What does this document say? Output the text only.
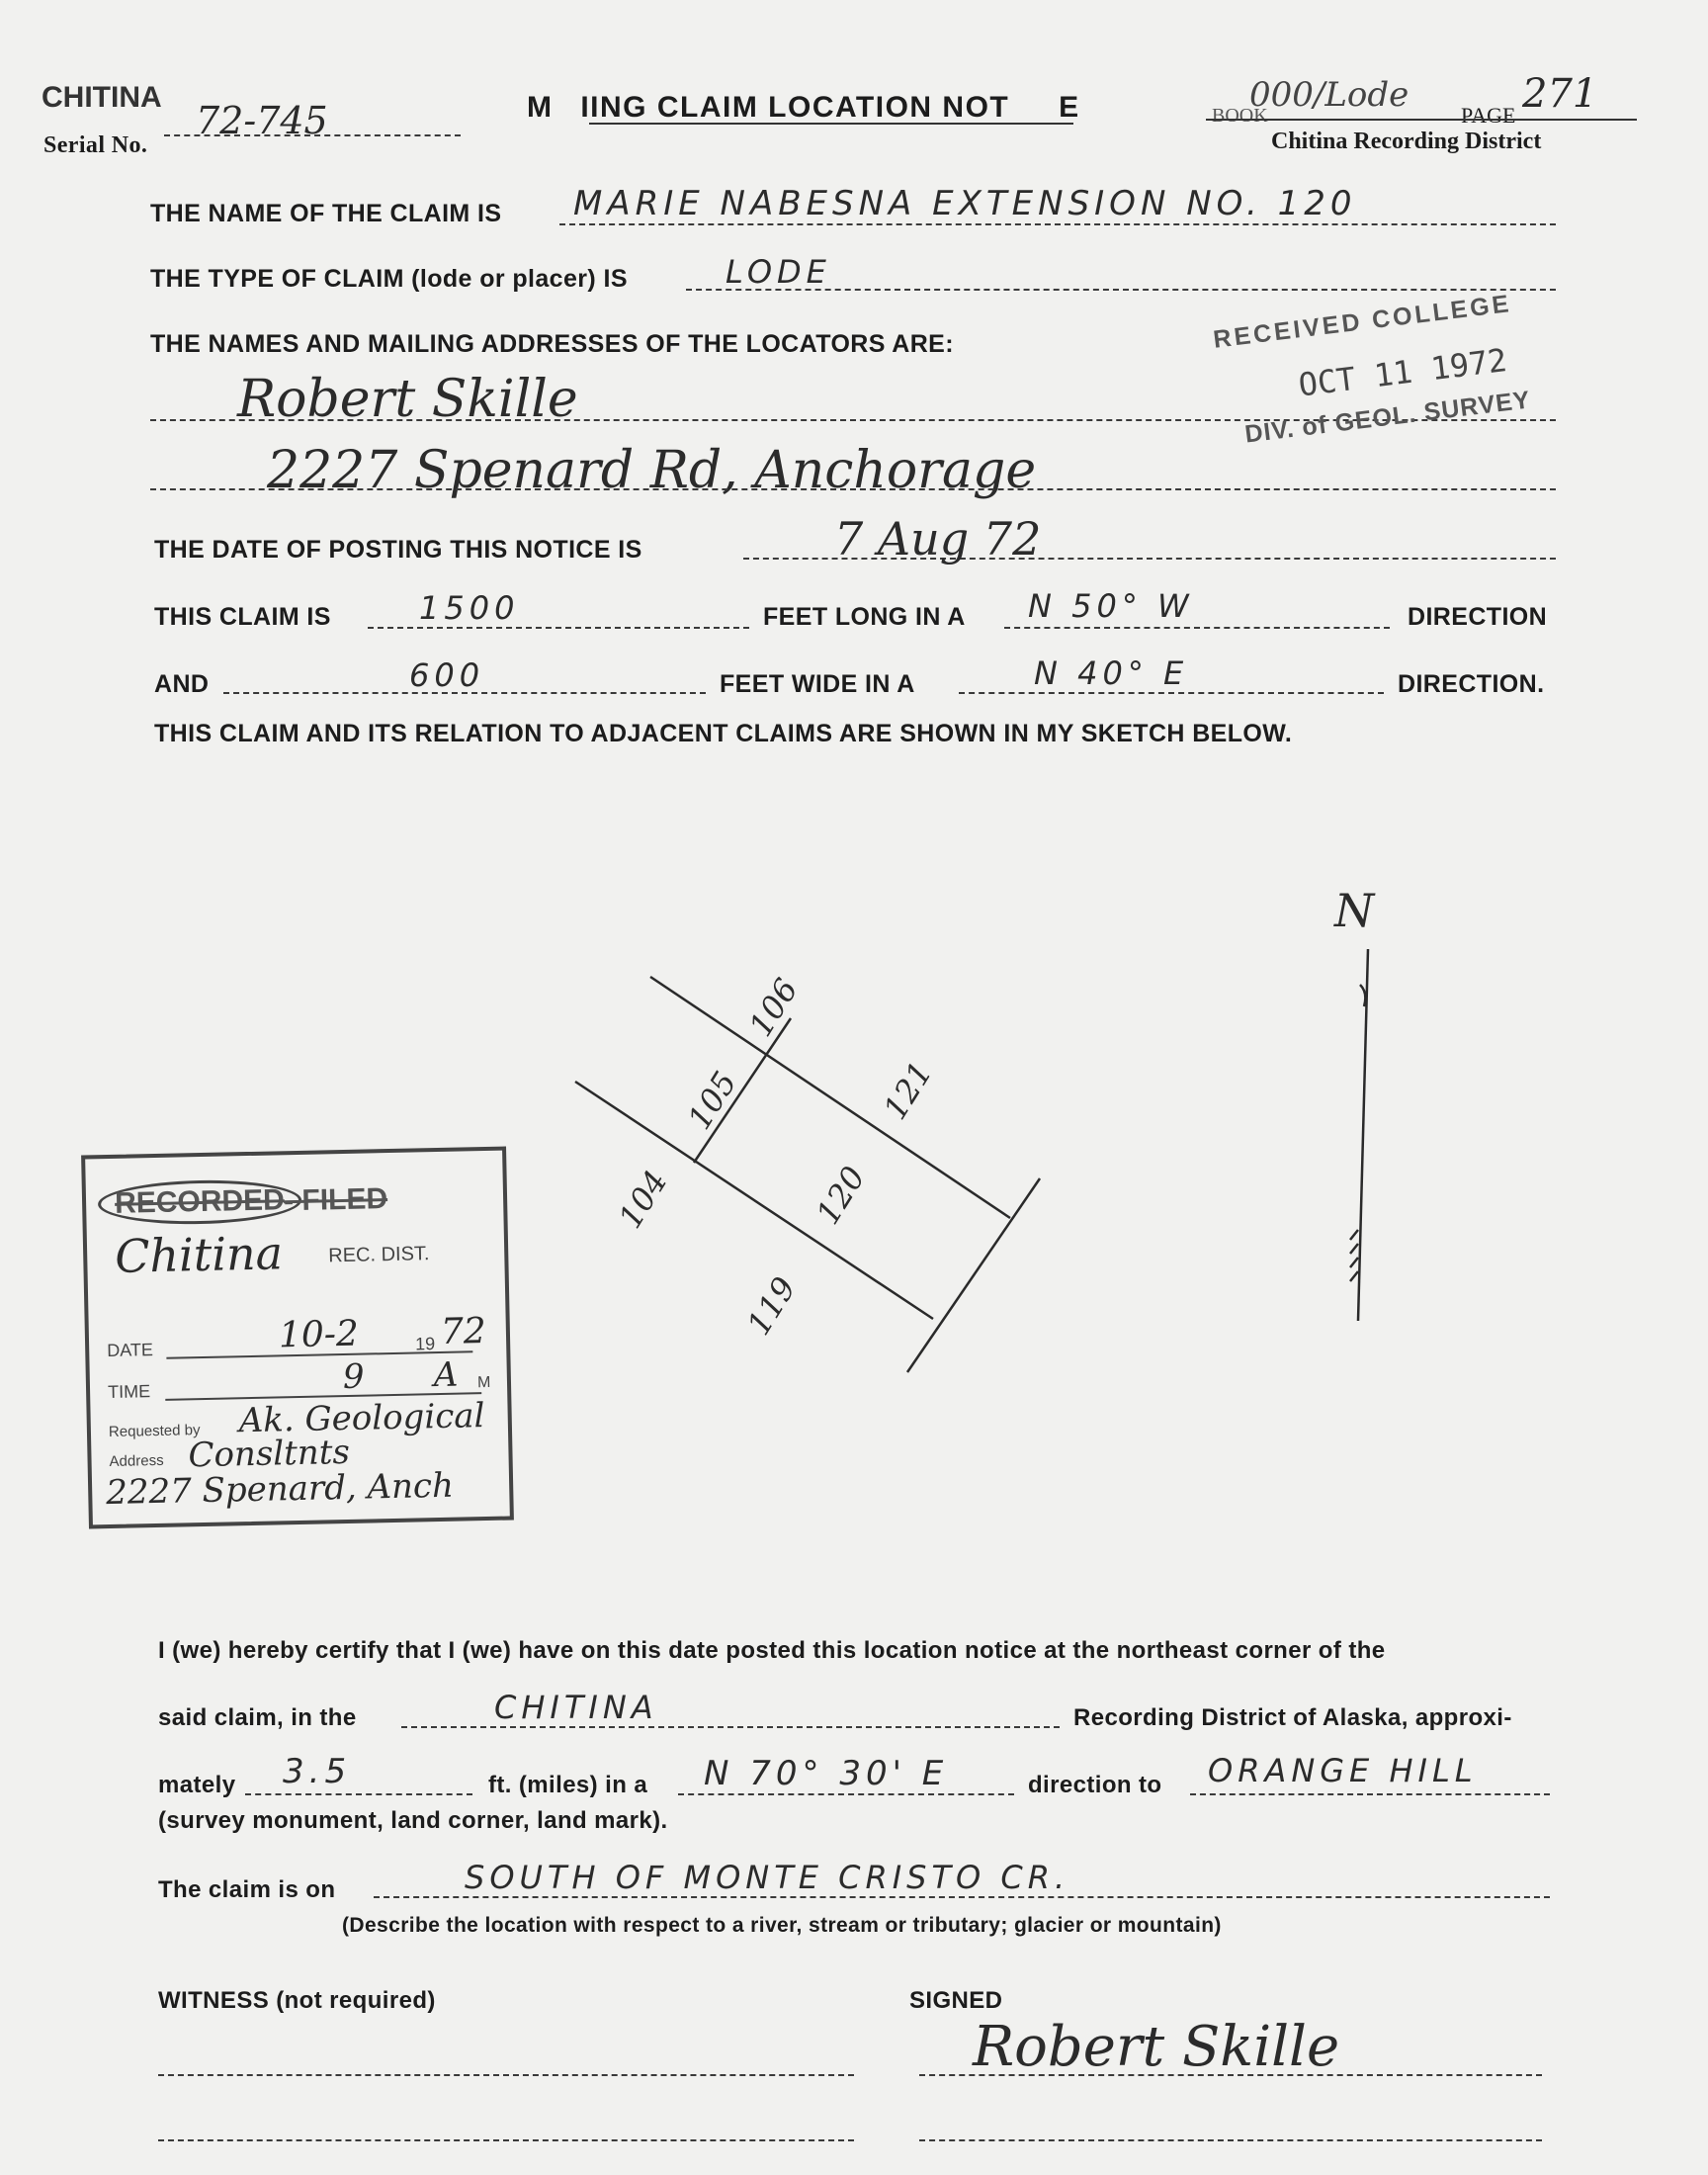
CHITINA
Serial No.
72-745	M IING CLAIM LOCATION NOT E	BOOK
000/Lode
PAGE 271
Chitina Recording District
THE NAME OF THE CLAIM IS MARIE NABESNA EXTENSION NO. 120
THE TYPE OF CLAIM (lode or placer) IS	LODE
THE NAMES AND MAILING ADDRESSES OF THE LOCATORS ARE:
Robert Skille
2227 Spenard Rd, Anchorage
RECEIVED COLLEGE
OCT 11 1972
DIV. of GEOL. SURVEY
THE DATE OF POSTING THIS NOTICE IS	7 Aug 72
THIS CLAIM IS	1500	FEET LONG IN A N 50° W	DIRECTION
AND	600	FEET WIDE IN A	N 40° E	DIRECTION.
THIS CLAIM AND ITS RELATION TO ADJACENT CLAIMS ARE SHOWN IN MY SKETCH BELOW.
N
104
105
106
121
120
119
RECORDED
- FILED
Chitina REC. DIST.
DATE	10-2	19 72
TIME	9 A M
Requested by Ak. Geological
Address Consltnts
2227 Spenard, Anch
I (we) hereby certify that I (we) have on this date posted this location notice at the northeast corner of the
said claim, in the	CHITINA	Recording District of Alaska, approxi-
mately 3.5	ft. (miles) in a N 70° 30' E	direction to ORANGE HILL
(survey monument, land corner, land mark).
The claim is on	SOUTH OF MONTE CRISTO CR.
(Describe the location with respect to a river, stream or tributary; glacier or mountain)
WITNESS (not required)	SIGNED
Robert Skille
